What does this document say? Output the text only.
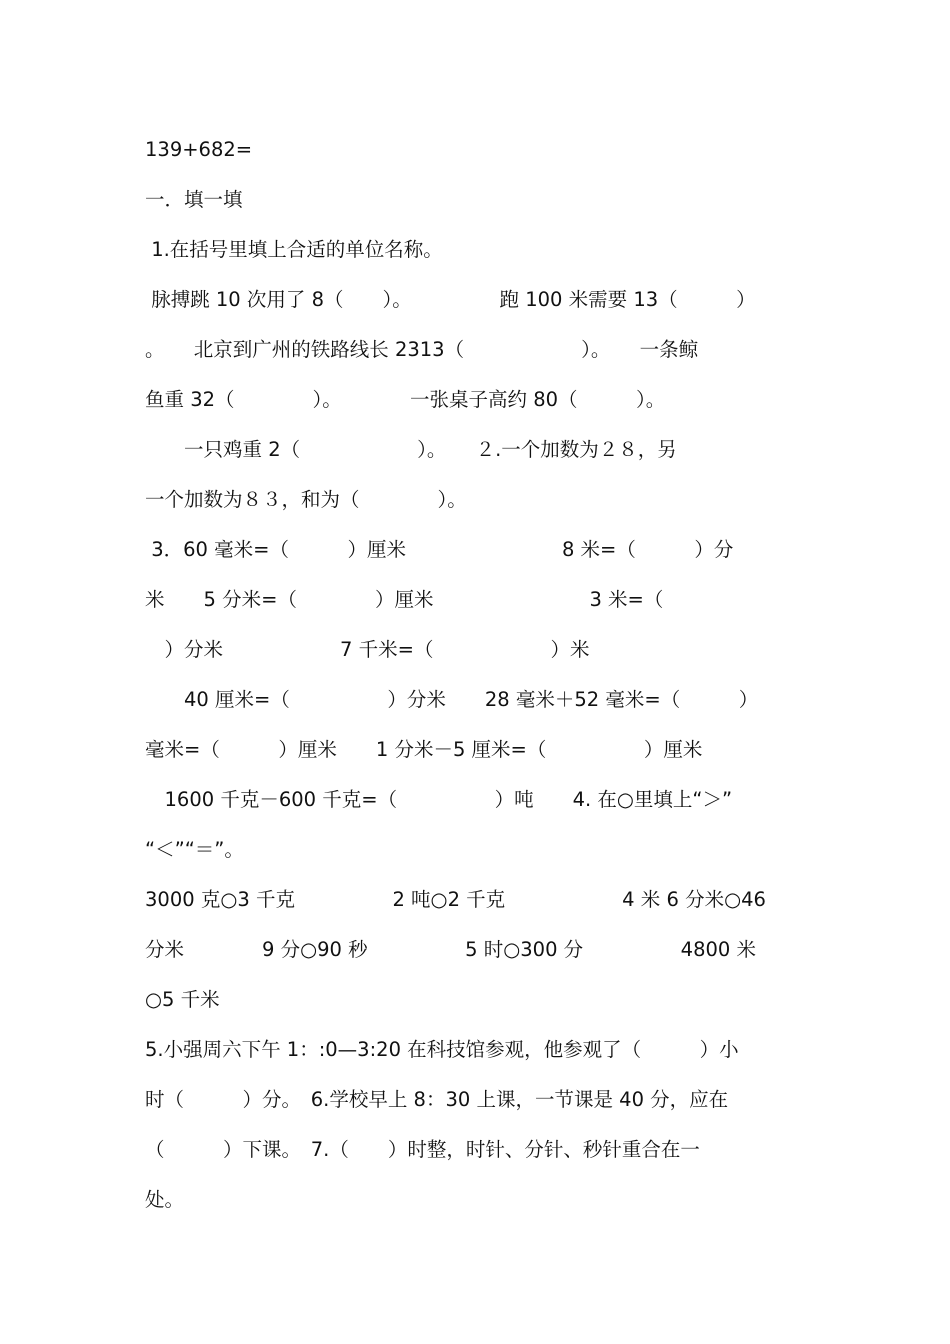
139+682=
一．填一填
1.在括号里填上合适的单位名称。
脉搏跳 10 次用了 8（　　）。　　　　　跑 100 米需要 13（　　　）
。　　北京到广州的铁路线长 2313（　　　　　　）。　　一条鲸
鱼重 32（　　　　）。　　　　一张桌子高约 80（　　　）。
　　一只鸡重 2（　　　　　　）。　　２.一个加数为２８，另
一个加数为８３，和为（　　　　）。
3．60 毫米=（　　　）厘米　　　　　　　　8 米=（　　　）分
米　　5 分米=（　　　　）厘米　　　　　　　　3 米=（
　）分米　　　　　　7 千米=（　　　　　　）米
　　40 厘米=（　　　　　）分米　　28 毫米＋52 毫米=（　　　）
毫米=（　　　）厘米　　1 分米－5 厘米=（　　　　　）厘米
　1600 千克－600 千克=（　　　　　）吨　　4. 在○里填上“＞”
“＜”“＝”。
3000 克○3 千克　　　　　2 吨○2 千克　　　　　　4 米 6 分米○46
分米　　　　9 分○90 秒　　　　　5 时○300 分　　　　　4800 米
○5 千米
5.小强周六下午 1：:0—3:20 在科技馆参观，他参观了（　　　）小
时（　　　）分。　6.学校早上 8：30 上课，一节课是 40 分，应在
（　　　）下课。　7.（　　）时整，时针、分针、秒针重合在一
处。
